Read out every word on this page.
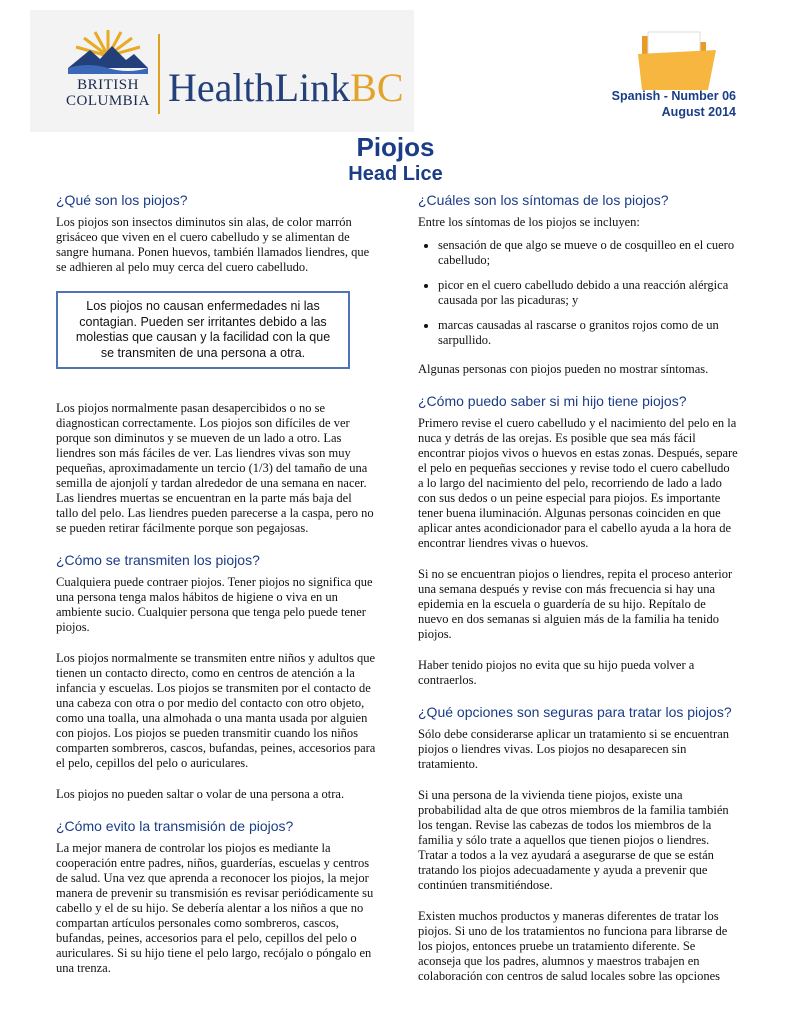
BRITISH
COLUMBIA HealthLinkBC	Spanish - Number 06
August 2014
Piojos
Head Lice
¿Qué son los piojos?

Los piojos son insectos diminutos sin alas, de color marrón grisáceo que viven en el cuero cabelludo y se alimentan de sangre humana. Ponen huevos, también llamados liendres, que se adhieren al pelo muy cerca del cuero cabelludo.

Los piojos no causan enfermedades ni las contagian. Pueden ser irritantes debido a las molestias que causan y la facilidad con la que se transmiten de una persona a otra.

Los piojos normalmente pasan desapercibidos o no se diagnostican correctamente. Los piojos son difíciles de ver porque son diminutos y se mueven de un lado a otro. Las liendres son más fáciles de ver. Las liendres vivas son muy pequeñas, aproximadamente un tercio (1/3) del tamaño de una semilla de ajonjolí y tardan alrededor de una semana en nacer. Las liendres muertas se encuentran en la parte más baja del tallo del pelo. Las liendres pueden parecerse a la caspa, pero no se pueden retirar fácilmente porque son pegajosas.

¿Cómo se transmiten los piojos?

Cualquiera puede contraer piojos. Tener piojos no significa que una persona tenga malos hábitos de higiene o viva en un ambiente sucio. Cualquier persona que tenga pelo puede tener piojos.

Los piojos normalmente se transmiten entre niños y adultos que tienen un contacto directo, como en centros de atención a la infancia y escuelas. Los piojos se transmiten por el contacto de una cabeza con otra o por medio del contacto con otro objeto, como una toalla, una almohada o una manta usada por alguien con piojos. Los piojos se pueden transmitir cuando los niños comparten sombreros, cascos, bufandas, peines, accesorios para el pelo, cepillos del pelo o auriculares.

Los piojos no pueden saltar o volar de una persona a otra.

¿Cómo evito la transmisión de piojos?

La mejor manera de controlar los piojos es mediante la cooperación entre padres, niños, guarderías, escuelas y centros de salud. Una vez que aprenda a reconocer los piojos, la mejor manera de prevenir su transmisión es revisar periódicamente su cabello y el de su hijo. Se debería alentar a los niños a que no compartan artículos personales como sombreros, cascos, bufandas, peines, accesorios para el pelo, cepillos del pelo o auriculares. Si su hijo tiene el pelo largo, recójalo o póngalo en una trenza.

¿Cuáles son los síntomas de los piojos?

Entre los síntomas de los piojos se incluyen:

• sensación de que algo se mueve o de cosquilleo en el cuero cabelludo;
• picor en el cuero cabelludo debido a una reacción alérgica causada por las picaduras; y
• marcas causadas al rascarse o granitos rojos como de un sarpullido.

Algunas personas con piojos pueden no mostrar síntomas.

¿Cómo puedo saber si mi hijo tiene piojos?

Primero revise el cuero cabelludo y el nacimiento del pelo en la nuca y detrás de las orejas. Es posible que sea más fácil encontrar piojos vivos o huevos en estas zonas. Después, separe el pelo en pequeñas secciones y revise todo el cuero cabelludo a lo largo del nacimiento del pelo, recorriendo de lado a lado con sus dedos o un peine especial para piojos. Es importante tener buena iluminación. Algunas personas coinciden en que aplicar antes acondicionador para el cabello ayuda a la hora de encontrar liendres vivas o huevos.

Si no se encuentran piojos o liendres, repita el proceso anterior una semana después y revise con más frecuencia si hay una epidemia en la escuela o guardería de su hijo. Repítalo de nuevo en dos semanas si alguien más de la familia ha tenido piojos.

Haber tenido piojos no evita que su hijo pueda volver a contraerlos.

¿Qué opciones son seguras para tratar los piojos?

Sólo debe considerarse aplicar un tratamiento si se encuentran piojos o liendres vivas. Los piojos no desaparecen sin tratamiento.

Si una persona de la vivienda tiene piojos, existe una probabilidad alta de que otros miembros de la familia también los tengan. Revise las cabezas de todos los miembros de la familia y sólo trate a aquellos que tienen piojos o liendres. Tratar a todos a la vez ayudará a asegurarse de que se están tratando los piojos adecuadamente y ayuda a prevenir que continúen transmitiéndose.

Existen muchos productos y maneras diferentes de tratar los piojos. Si uno de los tratamientos no funciona para librarse de los piojos, entonces pruebe un tratamiento diferente. Se aconseja que los padres, alumnos y maestros trabajen en colaboración con centros de salud locales sobre las opciones
